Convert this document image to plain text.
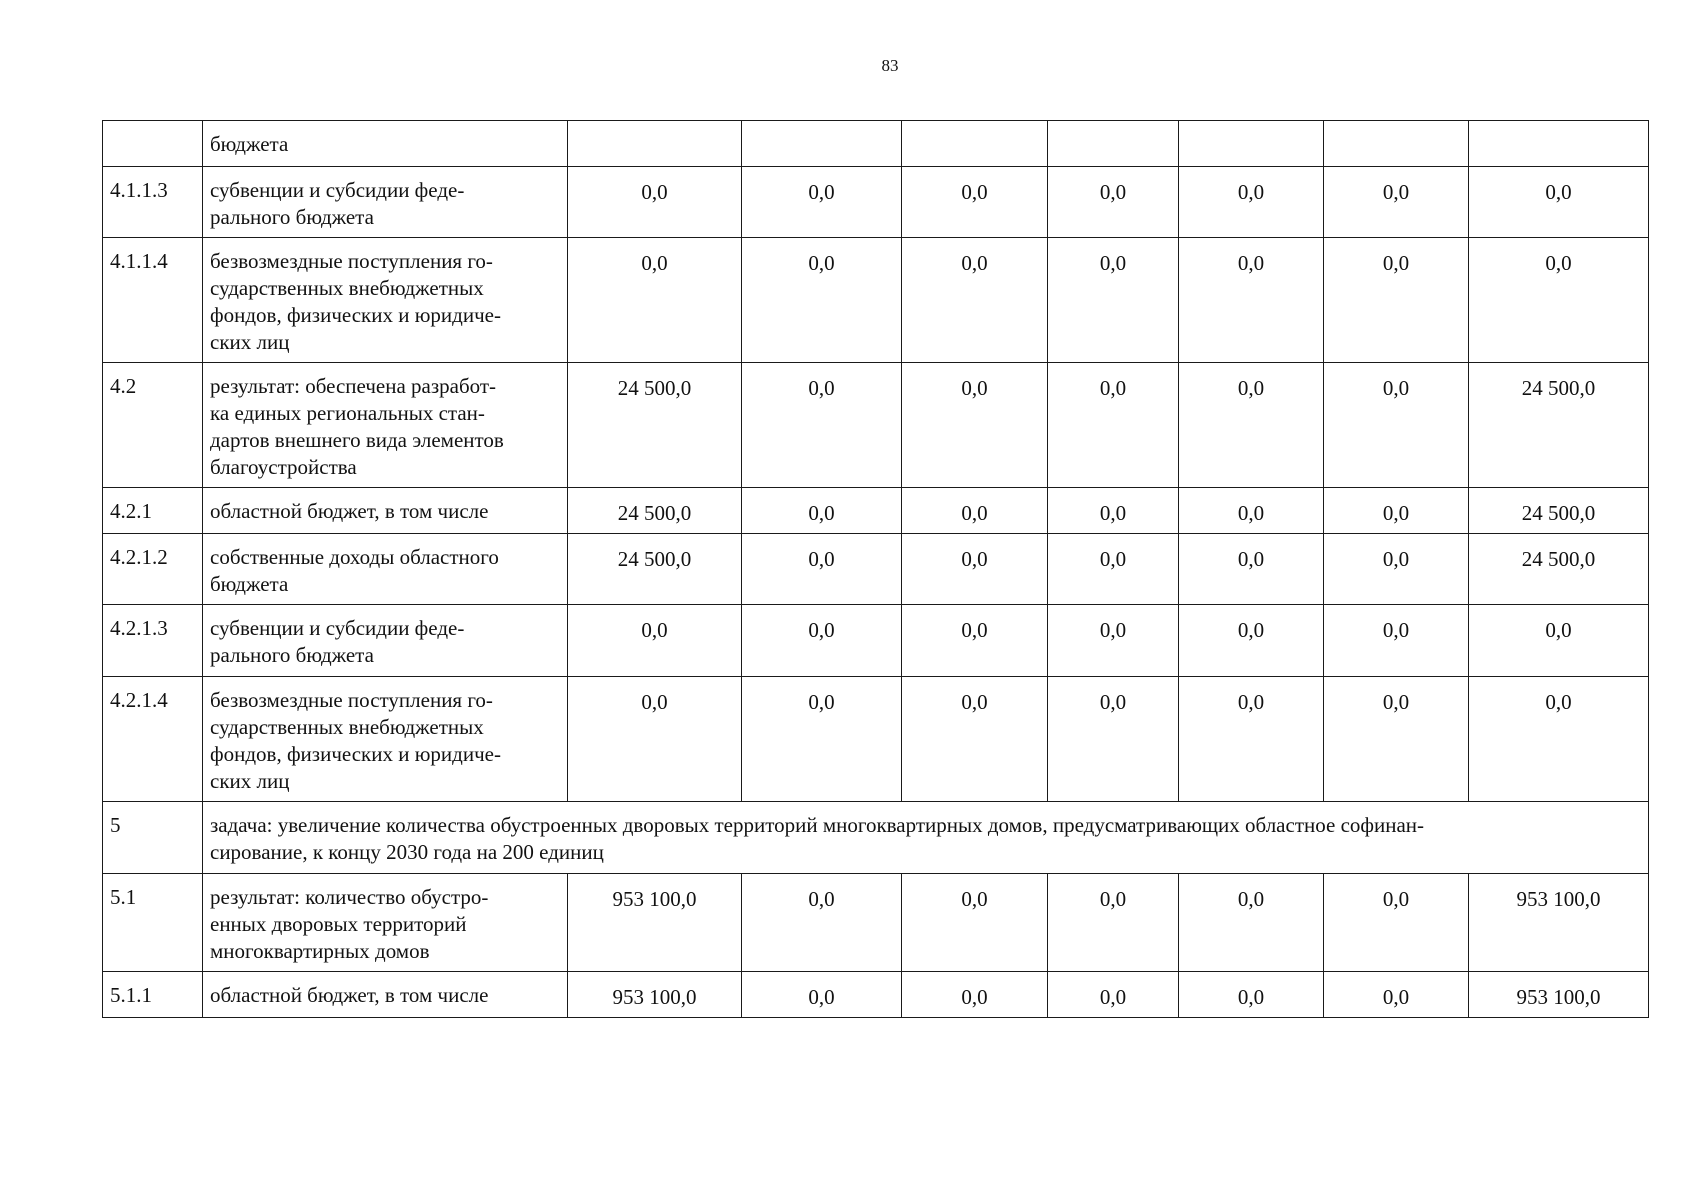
83
	бюджета							
4.1.1.3	субвенции и субсидии феде-
рального бюджета	0,0	0,0	0,0	0,0	0,0	0,0	0,0
4.1.1.4	безвозмездные поступления го-
сударственных внебюджетных
фондов, физических и юридиче-
ских лиц	0,0	0,0	0,0	0,0	0,0	0,0	0,0
4.2	результат: обеспечена разработ-
ка единых региональных стан-
дартов внешнего вида элементов
благоустройства	24 500,0	0,0	0,0	0,0	0,0	0,0	24 500,0
4.2.1	областной бюджет, в том числе	24 500,0	0,0	0,0	0,0	0,0	0,0	24 500,0
4.2.1.2	собственные доходы областного
бюджета	24 500,0	0,0	0,0	0,0	0,0	0,0	24 500,0
4.2.1.3	субвенции и субсидии феде-
рального бюджета	0,0	0,0	0,0	0,0	0,0	0,0	0,0
4.2.1.4	безвозмездные поступления го-
сударственных внебюджетных
фондов, физических и юридиче-
ских лиц	0,0	0,0	0,0	0,0	0,0	0,0	0,0
5	задача: увеличение количества обустроенных дворовых территорий многоквартирных домов, предусматривающих областное софинан-
сирование, к концу 2030 года на 200 единиц							
5.1	результат: количество обустро-
енных дворовых территорий
многоквартирных домов	953 100,0	0,0	0,0	0,0	0,0	0,0	953 100,0
5.1.1	областной бюджет, в том числе	953 100,0	0,0	0,0	0,0	0,0	0,0	953 100,0
